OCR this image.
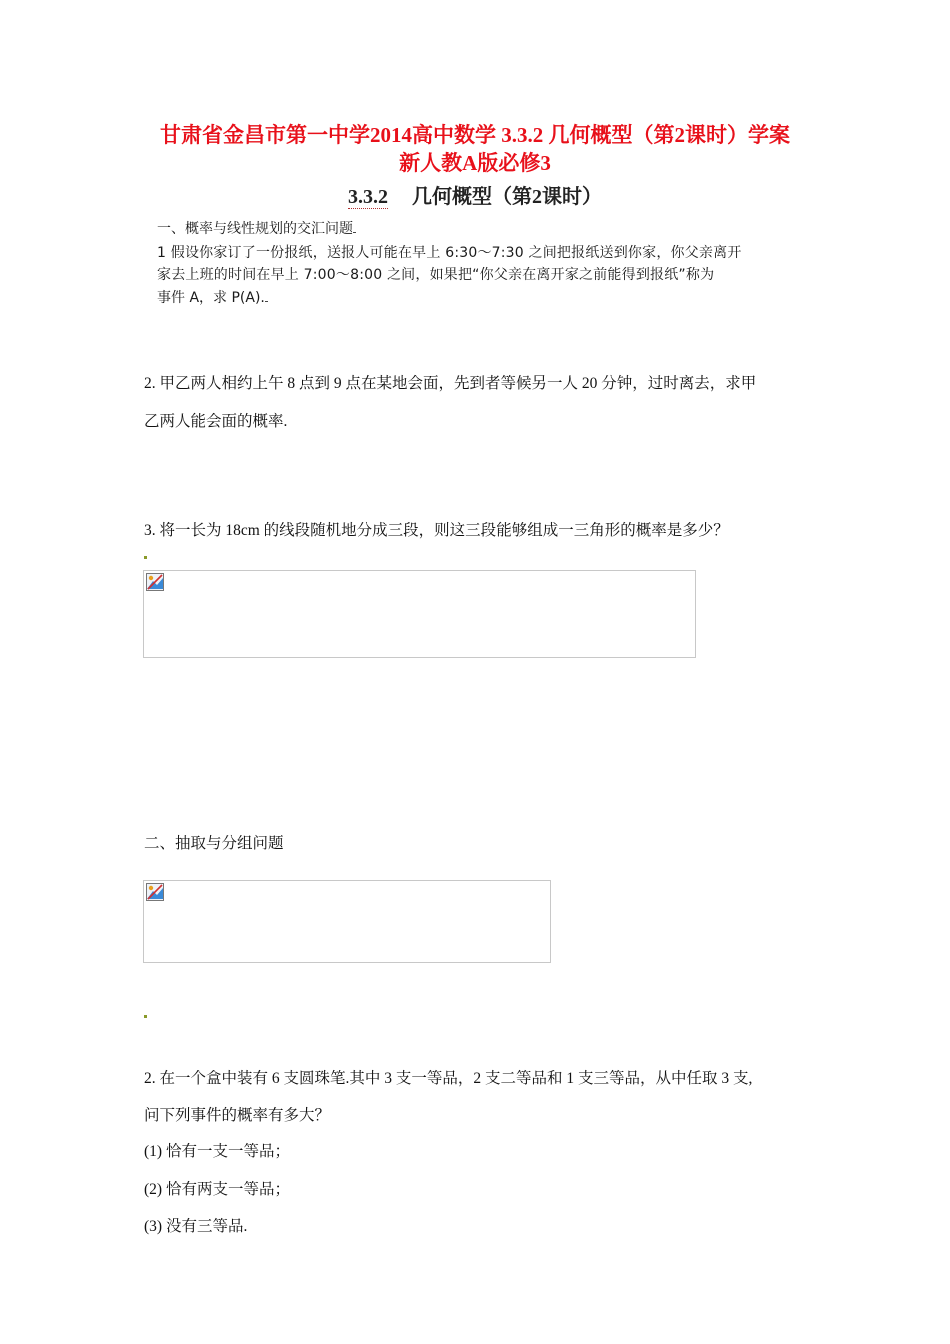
甘肃省金昌市第一中学2014高中数学 3.3.2 几何概型（第2课时）学案
新人教A版必修3
3.3.2 几何概型（第2课时）
一、概率与线性规划的交汇问题
1 假设你家订了一份报纸，送报人可能在早上 6:30～7:30 之间把报纸送到你家，你父亲离开
家去上班的时间在早上 7:00～8:00 之间，如果把“你父亲在离开家之前能得到报纸”称为
事件 A，求 P(A).
2. 甲乙两人相约上午 8 点到 9 点在某地会面，先到者等候另一人 20 分钟，过时离去，求甲
乙两人能会面的概率.
3. 将一长为 18cm 的线段随机地分成三段，则这三段能够组成一三角形的概率是多少？
二、抽取与分组问题
2. 在一个盒中装有 6 支圆珠笔.其中 3 支一等品，2 支二等品和 1 支三等品，从中任取 3 支,
问下列事件的概率有多大？
(1) 恰有一支一等品；
(2) 恰有两支一等品；
(3) 没有三等品.
